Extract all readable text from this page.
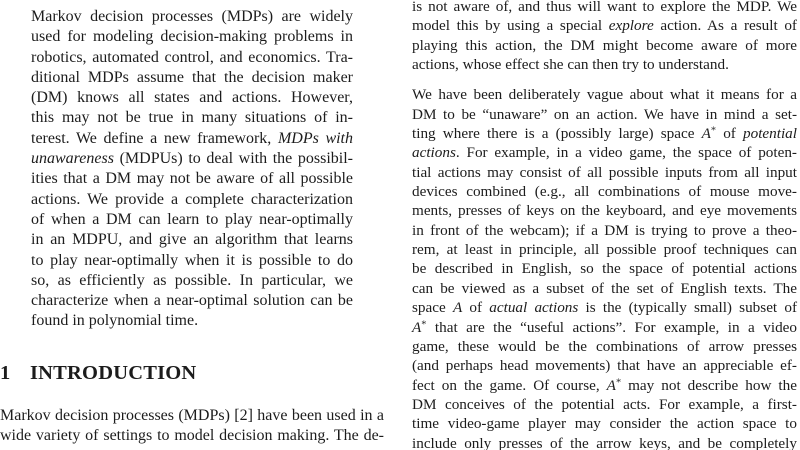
Markov decision processes (MDPs) are widely
used for modeling decision-making problems in
robotics, automated control, and economics. Tra-
ditional MDPs assume that the decision maker
(DM) knows all states and actions. However,
this may not be true in many situations of in-
terest. We define a new framework, MDPs with
unawareness (MDPUs) to deal with the possibil-
ities that a DM may not be aware of all possible
actions. We provide a complete characterization
of when a DM can learn to play near-optimally
in an MDPU, and give an algorithm that learns
to play near-optimally when it is possible to do
so, as efficiently as possible. In particular, we
characterize when a near-optimal solution can be
found in polynomial time.
1 INTRODUCTION
Markov decision processes (MDPs) [2] have been used in a
wide variety of settings to model decision making. The de-
is not aware of, and thus will want to explore the MDP. We
model this by using a special explore action. As a result of
playing this action, the DM might become aware of more
actions, whose effect she can then try to understand.
We have been deliberately vague about what it means for a
DM to be “unaware” on an action. We have in mind a set-
ting where there is a (possibly large) space A* of potential
actions. For example, in a video game, the space of poten-
tial actions may consist of all possible inputs from all input
devices combined (e.g., all combinations of mouse move-
ments, presses of keys on the keyboard, and eye movements
in front of the webcam); if a DM is trying to prove a theo-
rem, at least in principle, all possible proof techniques can
be described in English, so the space of potential actions
can be viewed as a subset of the set of English texts. The
space A of actual actions is the (typically small) subset of
A* that are the “useful actions”. For example, in a video
game, these would be the combinations of arrow presses
(and perhaps head movements) that have an appreciable ef-
fect on the game. Of course, A* may not describe how the
DM conceives of the potential acts. For example, a first-
time video-game player may consider the action space to
include only presses of the arrow keys, and be completely
